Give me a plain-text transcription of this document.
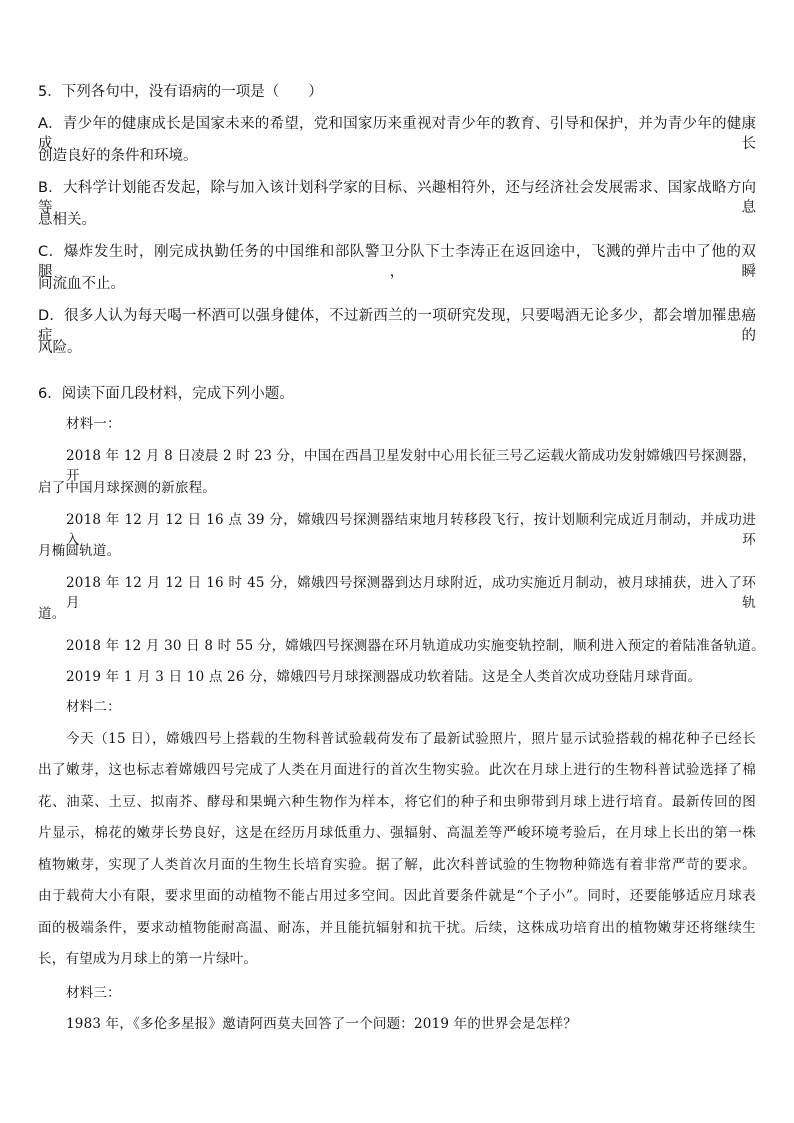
5．下列各句中，没有语病的一项是（　　）
A．青少年的健康成长是国家未来的希望，党和国家历来重视对青少年的教育、引导和保护，并为青少年的健康成长
创造良好的条件和环境。
B．大科学计划能否发起，除与加入该计划科学家的目标、兴趣相符外，还与经济社会发展需求、国家战略方向等息
息相关。
C．爆炸发生时，刚完成执勤任务的中国维和部队警卫分队下士李涛正在返回途中，飞溅的弹片击中了他的双腿，瞬
间流血不止。
D．很多人认为每天喝一杯酒可以强身健体，不过新西兰的一项研究发现，只要喝酒无论多少，都会增加罹患癌症的
风险。
6．阅读下面几段材料，完成下列小题。
材料一：
2018 年 12 月 8 日凌晨 2 时 23 分，中国在西昌卫星发射中心用长征三号乙运载火箭成功发射嫦娥四号探测器，开
启了中国月球探测的新旅程。
2018 年 12 月 12 日 16 点 39 分，嫦娥四号探测器结束地月转移段飞行，按计划顺利完成近月制动，并成功进入环
月椭圆轨道。
2018 年 12 月 12 日 16 时 45 分，嫦娥四号探测器到达月球附近，成功实施近月制动，被月球捕获，进入了环月轨
道。
2018 年 12 月 30 日 8 时 55 分，嫦娥四号探测器在环月轨道成功实施变轨控制，顺利进入预定的着陆准备轨道。
2019 年 1 月 3 日 10 点 26 分，嫦娥四号月球探测器成功软着陆。这是全人类首次成功登陆月球背面。
材料二：
今天（15 日），嫦娥四号上搭载的生物科普试验载荷发布了最新试验照片，照片显示试验搭载的棉花种子已经长
出了嫩芽，这也标志着嫦娥四号完成了人类在月面进行的首次生物实验。此次在月球上进行的生物科普试验选择了棉
花、油菜、土豆、拟南芥、酵母和果蝇六种生物作为样本，将它们的种子和虫卵带到月球上进行培育。最新传回的图
片显示，棉花的嫩芽长势良好，这是在经历月球低重力、强辐射、高温差等严峻环境考验后，在月球上长出的第一株
植物嫩芽，实现了人类首次月面的生物生长培育实验。据了解，此次科普试验的生物物种筛选有着非常严苛的要求。
由于载荷大小有限，要求里面的动植物不能占用过多空间。因此首要条件就是“个子小”。同时，还要能够适应月球表
面的极端条件，要求动植物能耐高温、耐冻，并且能抗辐射和抗干扰。后续，这株成功培育出的植物嫩芽还将继续生
长，有望成为月球上的第一片绿叶。
材料三：
1983 年，《多伦多星报》邀请阿西莫夫回答了一个问题：2019 年的世界会是怎样？
